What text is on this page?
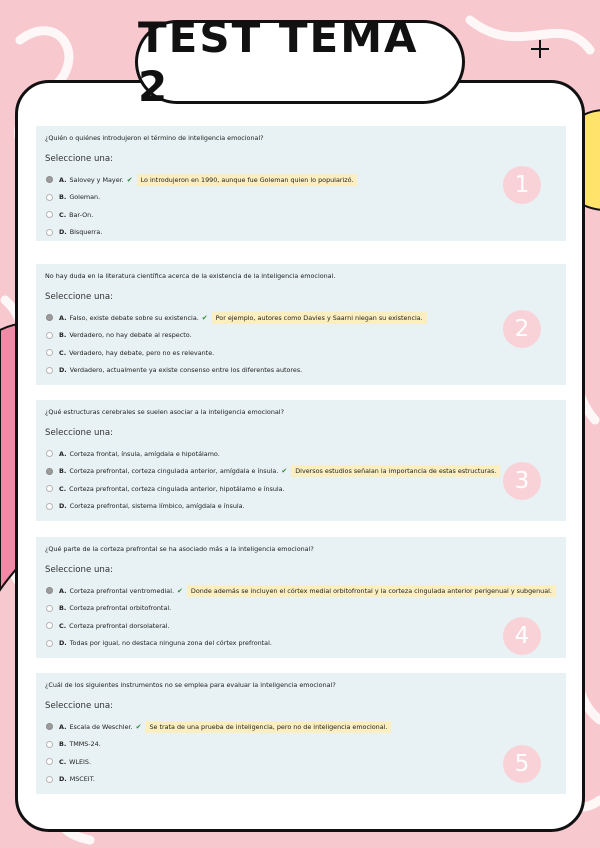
TEST TEMA 2
¿Quién o quiénes introdujeron el término de inteligencia emocional?
Seleccione una:
A. Salovey y Mayer. ✔	Lo introdujeron en 1990, aunque fue Goleman quien lo popularizó.
B. Goleman.
C. Bar-On.
D. Bisquerra.
1
No hay duda en la literatura científica acerca de la existencia de la inteligencia emocional.
Seleccione una:
A. Falso, existe debate sobre su existencia. ✔	Por ejemplo, autores como Davies y Saarni niegan su existencia.
B. Verdadero, no hay debate al respecto.
C. Verdadero, hay debate, pero no es relevante.
D. Verdadero, actualmente ya existe consenso entre los diferentes autores.
2
¿Qué estructuras cerebrales se suelen asociar a la inteligencia emocional?
Seleccione una:
A. Corteza frontal, ínsula, amígdala e hipotálamo.
B. Corteza prefrontal, corteza cingulada anterior, amígdala e ínsula. ✔	Diversos estudios señalan la importancia de estas estructuras.
C. Corteza prefrontal, corteza cingulada anterior, hipotálamo e ínsula.
D. Corteza prefrontal, sistema límbico, amígdala e ínsula.
3
¿Qué parte de la corteza prefrontal se ha asociado más a la inteligencia emocional?
Seleccione una:
A. Corteza prefrontal ventromedial. ✔	Donde además se incluyen el córtex medial orbitofrontal y la corteza cingulada anterior perigenual y subgenual.
B. Corteza prefrontal orbitofrontal.
C. Corteza prefrontal dorsolateral.
D. Todas por igual, no destaca ninguna zona del córtex prefrontal.	4
¿Cuál de los siguientes instrumentos no se emplea para evaluar la inteligencia emocional?
Seleccione una:
A. Escala de Weschler. ✔	Se trata de una prueba de inteligencia, pero no de inteligencia emocional.
B. TMMS-24.
C. WLEIS.
D. MSCEIT.
5
